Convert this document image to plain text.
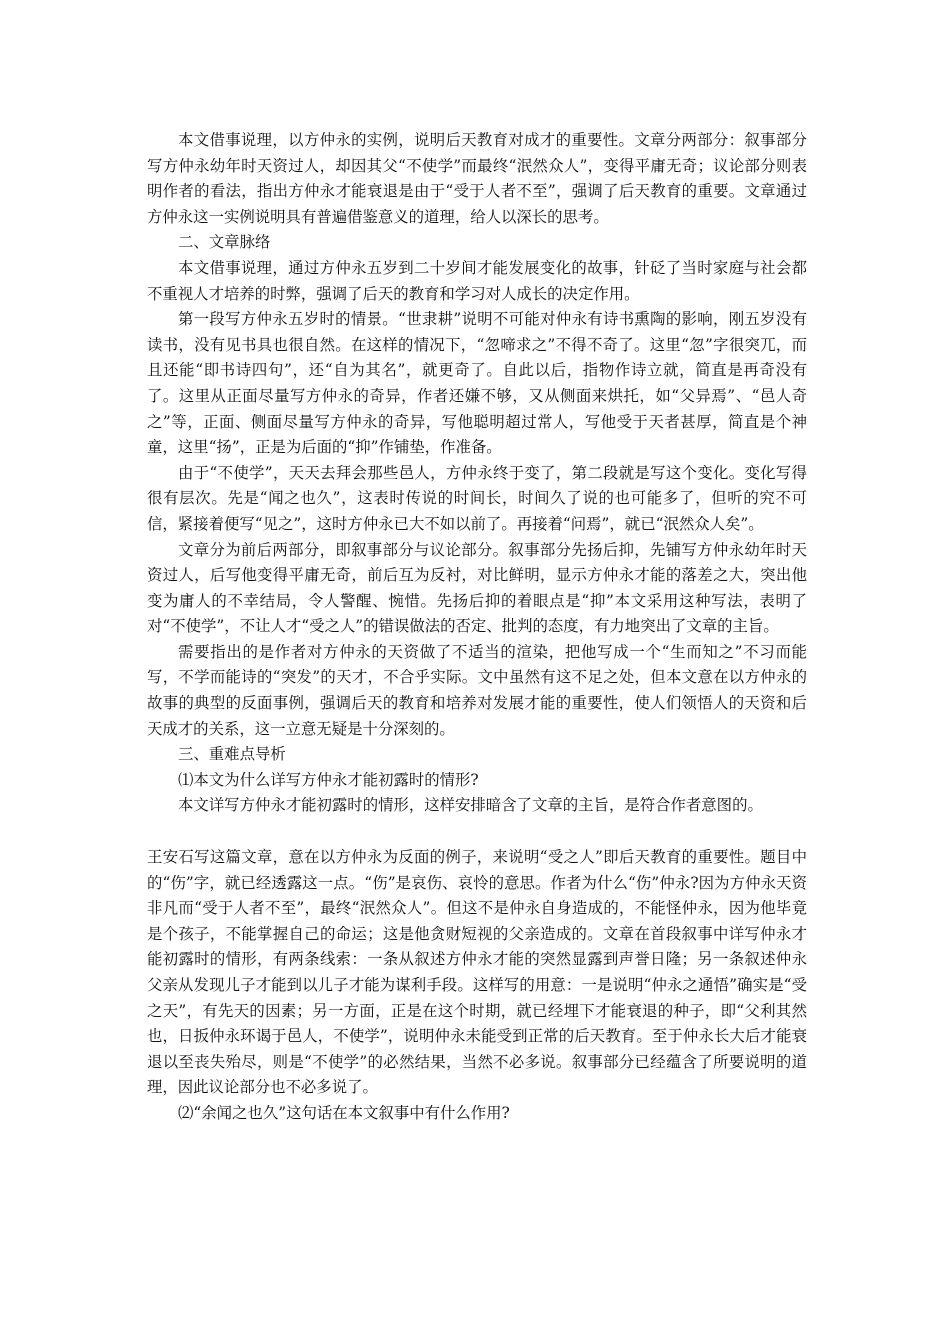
本文借事说理，以方仲永的实例，说明后天教育对成才的重要性。文章分两部分：叙事部分写方仲永幼年时天资过人，却因其父“不使学”而最终“泯然众人”，变得平庸无奇；议论部分则表明作者的看法，指出方仲永才能衰退是由于“受于人者不至”，强调了后天教育的重要。文章通过方仲永这一实例说明具有普遍借鉴意义的道理，给人以深长的思考。

二、文章脉络

本文借事说理，通过方仲永五岁到二十岁间才能发展变化的故事，针砭了当时家庭与社会都不重视人才培养的时弊，强调了后天的教育和学习对人成长的决定作用。

第一段写方仲永五岁时的情景。“世隶耕”说明不可能对仲永有诗书熏陶的影响，刚五岁没有读书，没有见书具也很自然。在这样的情况下，“忽啼求之”不得不奇了。这里“忽”字很突兀，而且还能“即书诗四句”，还“自为其名”，就更奇了。自此以后，指物作诗立就，简直是再奇没有了。这里从正面尽量写方仲永的奇异，作者还嫌不够，又从侧面来烘托，如“父异焉”、“邑人奇之”等，正面、侧面尽量写方仲永的奇异，写他聪明超过常人，写他受于天者甚厚，简直是个神童，这里“扬”，正是为后面的“抑”作铺垫，作准备。

由于“不使学”，天天去拜会那些邑人，方仲永终于变了，第二段就是写这个变化。变化写得很有层次。先是“闻之也久”，这表时传说的时间长，时间久了说的也可能多了，但听的究不可信，紧接着便写“见之”，这时方仲永已大不如以前了。再接着“问焉”，就已“泯然众人矣”。

文章分为前后两部分，即叙事部分与议论部分。叙事部分先扬后抑，先铺写方仲永幼年时天资过人，后写他变得平庸无奇，前后互为反衬，对比鲜明，显示方仲永才能的落差之大，突出他变为庸人的不幸结局，令人警醒、惋惜。先扬后抑的着眼点是“抑”本文采用这种写法，表明了对“不使学”，不让人才“受之人”的错误做法的否定、批判的态度，有力地突出了文章的主旨。

需要指出的是作者对方仲永的天资做了不适当的渲染，把他写成一个“生而知之”不习而能写，不学而能诗的“突发”的天才，不合乎实际。文中虽然有这不足之处，但本文意在以方仲永的故事的典型的反面事例，强调后天的教育和培养对发展才能的重要性，使人们领悟人的天资和后天成才的关系，这一立意无疑是十分深刻的。

三、重难点导析

⑴本文为什么详写方仲永才能初露时的情形?

本文详写方仲永才能初露时的情形，这样安排暗含了文章的主旨，是符合作者意图的。

王安石写这篇文章，意在以方仲永为反面的例子，来说明“受之人”即后天教育的重要性。题目中的“伤”字，就已经透露这一点。“伤”是哀伤、哀怜的意思。作者为什么“伤”仲永?因为方仲永天资非凡而“受于人者不至”，最终“泯然众人”。但这不是仲永自身造成的，不能怪仲永，因为他毕竟是个孩子，不能掌握自己的命运；这是他贪财短视的父亲造成的。文章在首段叙事中详写仲永才能初露时的情形，有两条线索：一条从叙述方仲永才能的突然显露到声誉日隆；另一条叙述仲永父亲从发现儿子才能到以儿子才能为谋利手段。这样写的用意：一是说明“仲永之通悟”确实是“受之天”，有先天的因素；另一方面，正是在这个时期，就已经埋下才能衰退的种子，即“父利其然也，日扳仲永环谒于邑人，不使学”，说明仲永未能受到正常的后天教育。至于仲永长大后才能衰退以至丧失殆尽，则是“不使学”的必然结果，当然不必多说。叙事部分已经蕴含了所要说明的道理，因此议论部分也不必多说了。

⑵“余闻之也久”这句话在本文叙事中有什么作用?
